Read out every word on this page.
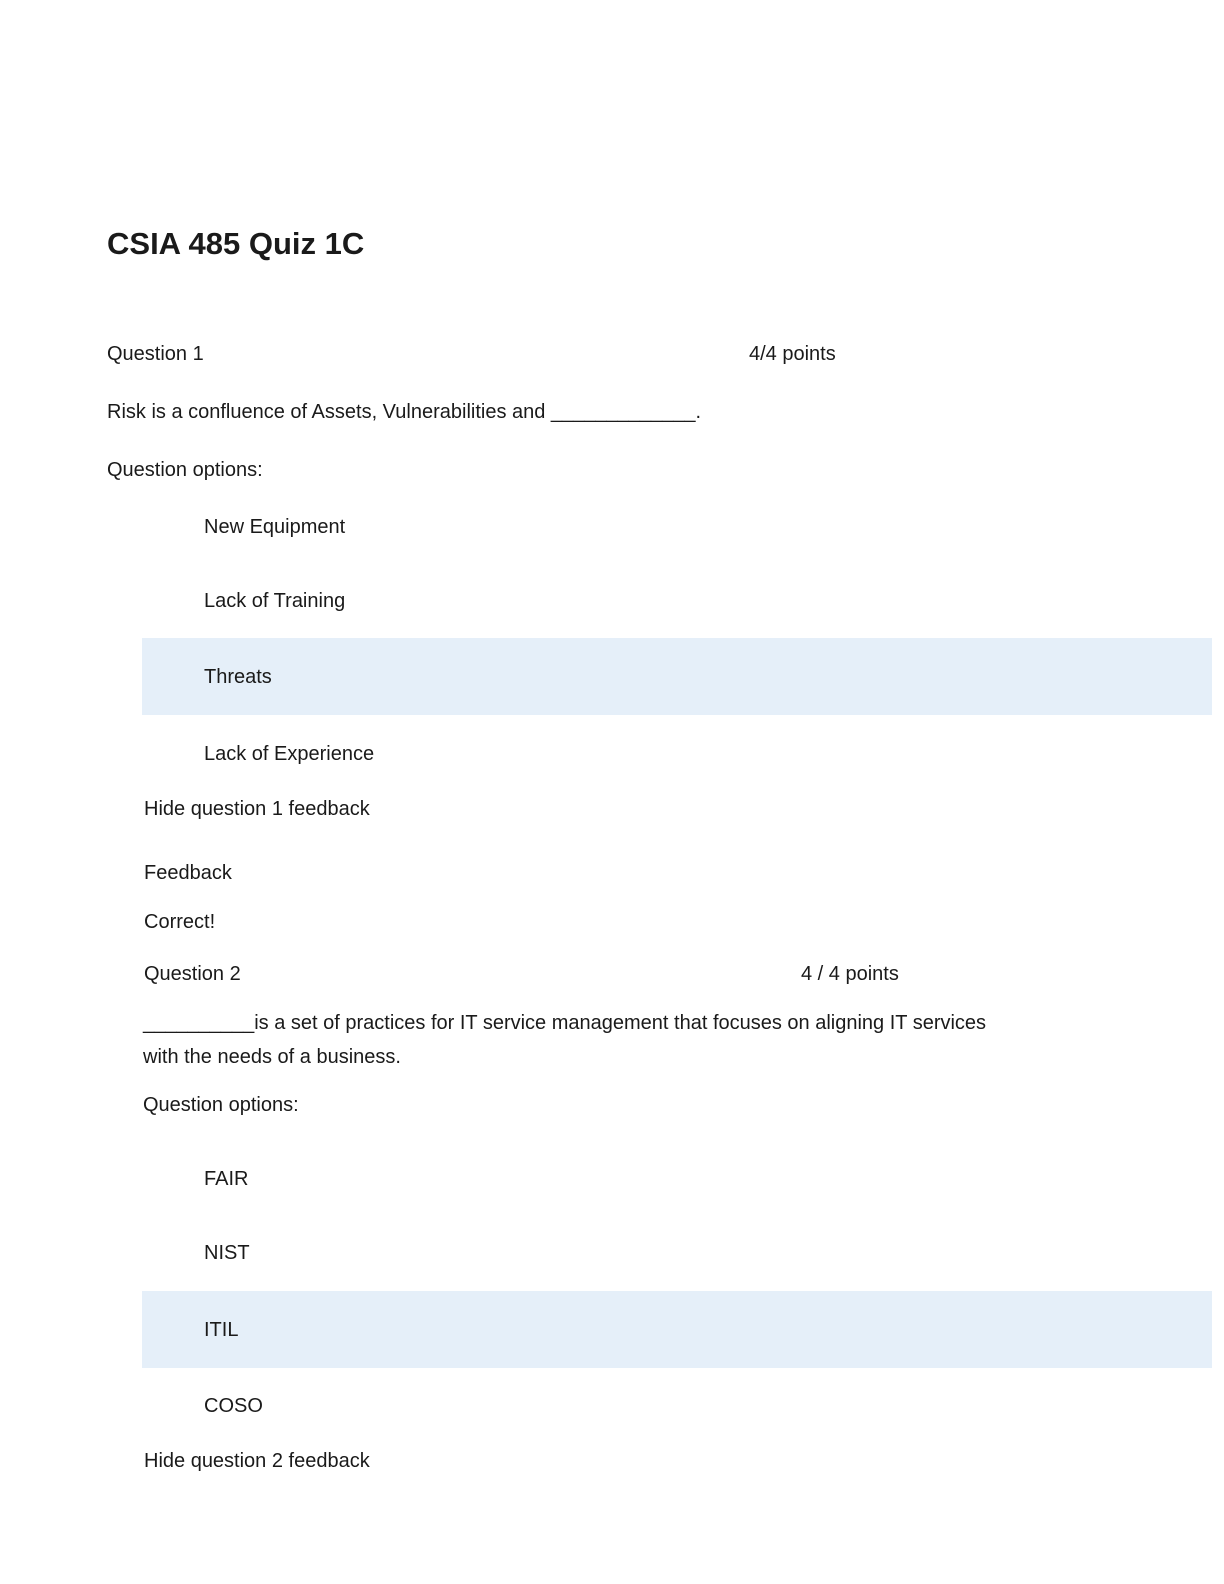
CSIA 485 Quiz 1C
Question 1	4/4 points
Risk is a confluence of Assets, Vulnerabilities and _____________.
Question options:
New Equipment
Lack of Training
Threats
Lack of Experience
Hide question 1 feedback
Feedback
Correct!
Question 2	4 / 4 points
__________is a set of practices for IT service management that focuses on aligning IT services
with the needs of a business.
Question options:
FAIR
NIST
ITIL
COSO
Hide question 2 feedback
